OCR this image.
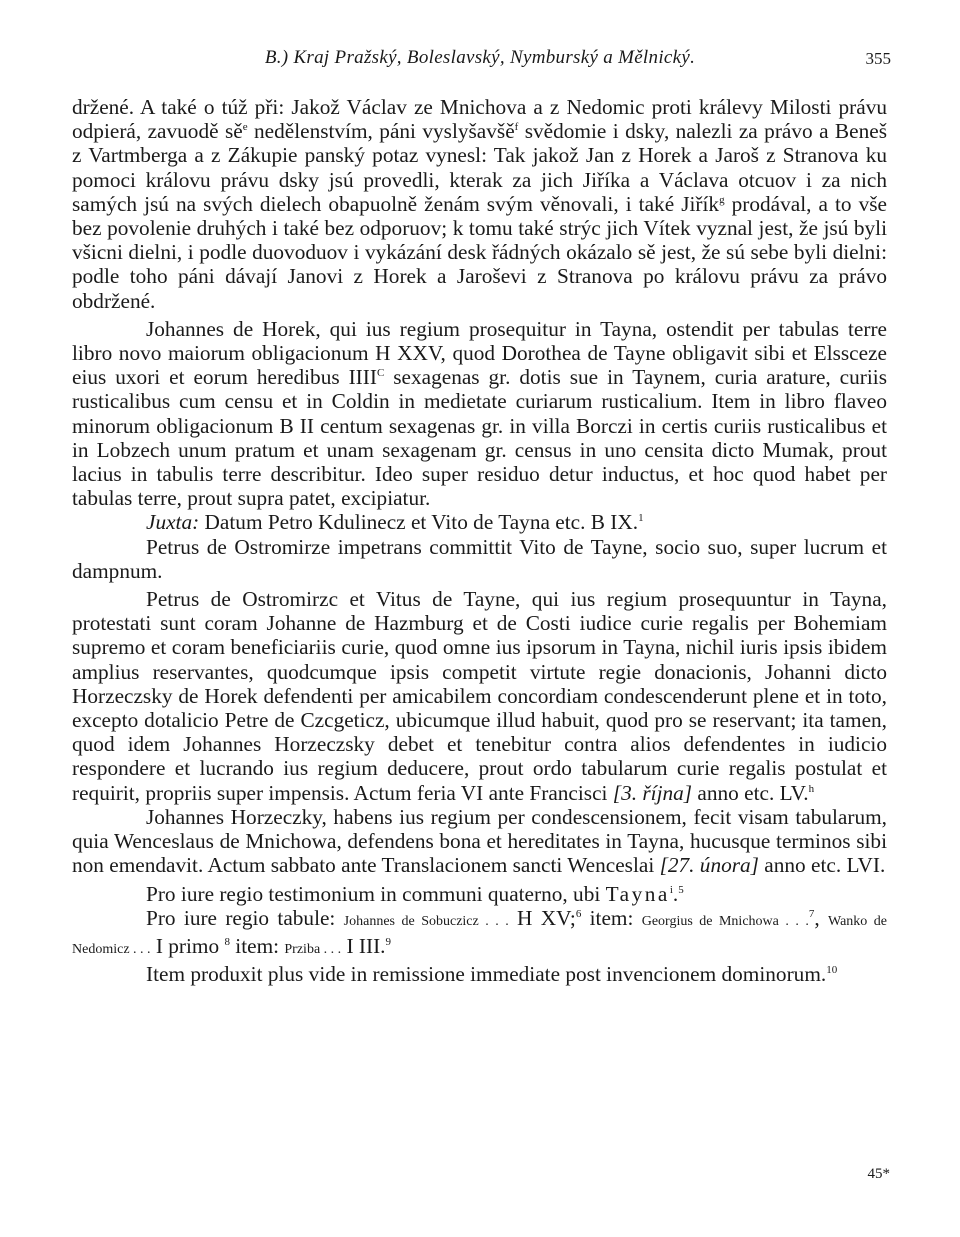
B.) Kraj Pražský, Boleslavský, Nymburský a Mělnický.	355

držené. A také o túž při: Jakož Václav ze Mnichova a z Nedomic proti králevy Milosti právu odpierá, zavuodě $sě^e$ nedělenstvím, páni vyslyšavšě$^f$ svědomie i dsky, nalezli za právo a Beneš z Vartmberga a z Zákupie panský potaz vynesl: Tak jakož Jan z Horek a Jaroš z Stranova ku pomoci královu právu dsky jsú provedli, kterak za jich Jiříka a Václava otcuov i za nich samých jsú na svých dielech obapuolně ženám svým věnovali, i také Jiřík$^g$ prodával, a to vše bez povolenie druhých i také bez odporuov; k tomu také strýc jich Vítek vyznal jest, že jsú byli všicni dielni, i podle duovoduov i vykázání desk řádných okázalo sě jest, že sú sebe byli dielni: podle toho páni dávají Janovi z Horek a Jaroševi z Stranova po královu právu za právo obdržené.

Johannes de Horek, qui ius regium prosequitur in Tayna, ostendit per tabulas terre libro novo maiorum obligacionum H XXV, quod Dorothea de Tayne obligavit sibi et Elssceze eius uxori et eorum heredibus $IIII^C$ sexagenas gr. dotis sue in Taynem, curia arature, curiis rusticalibus cum censu et in Coldin in medietate curiarum rusticalium. Item in libro flaveo minorum obligacionum B II centum sexagenas gr. in villa Borczi in certis curiis rusticalibus et in Lobzech unum pratum et unam sexagenam gr. census in uno censita dicto Mumak, prout lacius in tabulis terre describitur. Ideo super residuo detur inductus, et hoc quod habet per tabulas terre, prout supra patet, excipiatur.

Juxta: Datum Petro Kdulinecz et Vito de Tayna etc. B IX.$^1$

Petrus de Ostromirze impetrans committit Vito de Tayne, socio suo, super lucrum et dampnum.

Petrus de Ostromirzc et Vitus de Tayne, qui ius regium prosequuntur in Tayna, protestati sunt coram Johanne de Hazmburg et de Costi iudice curie regalis per Bohemiam supremo et coram beneficiariis curie, quod omne ius ipsorum in Tayna, nichil iuris ipsis ibidem amplius reservantes, quodcumque ipsis competit virtute regie donacionis, Johanni dicto Horzeczsky de Horek defendenti per amicabilem concordiam condescenderunt plene et in toto, excepto dotalicio Petre de Czcgeticz, ubicumque illud habuit, quod pro se reservant; ita tamen, quod idem Johannes Horzeczsky debet et tenebitur contra alios defendentes in iudicio respondere et lucrando ius regium deducere, prout ordo tabularum curie regalis postulat et requirit, propriis super impensis. Actum feria VI ante Francisci [3. října] anno etc. LV.$^h$

Johannes Horzeczky, habens ius regium per condescensionem, fecit visam tabularum, quia Wenceslaus de Mnichowa, defendens bona et hereditates in Tayna, hucusque terminos sibi non emendavit. Actum sabbato ante Translacionem sancti Wenceslai [27. února] anno etc. LVI.

Pro iure regio testimonium in communi quaterno, ubi Tayna$^i$.$^5$

Pro iure regio tabule: Johannes de Sobuczicz . . . H XV;$^6$ item: Georgius de Mnichowa . . .$^7$, Wanko de Nedomicz . . . I primo $^8$ item: Prziba . . . I III.$^9$

Item produxit plus vide in remissione immediate post invencionem dominorum.$^{10}$

45*
